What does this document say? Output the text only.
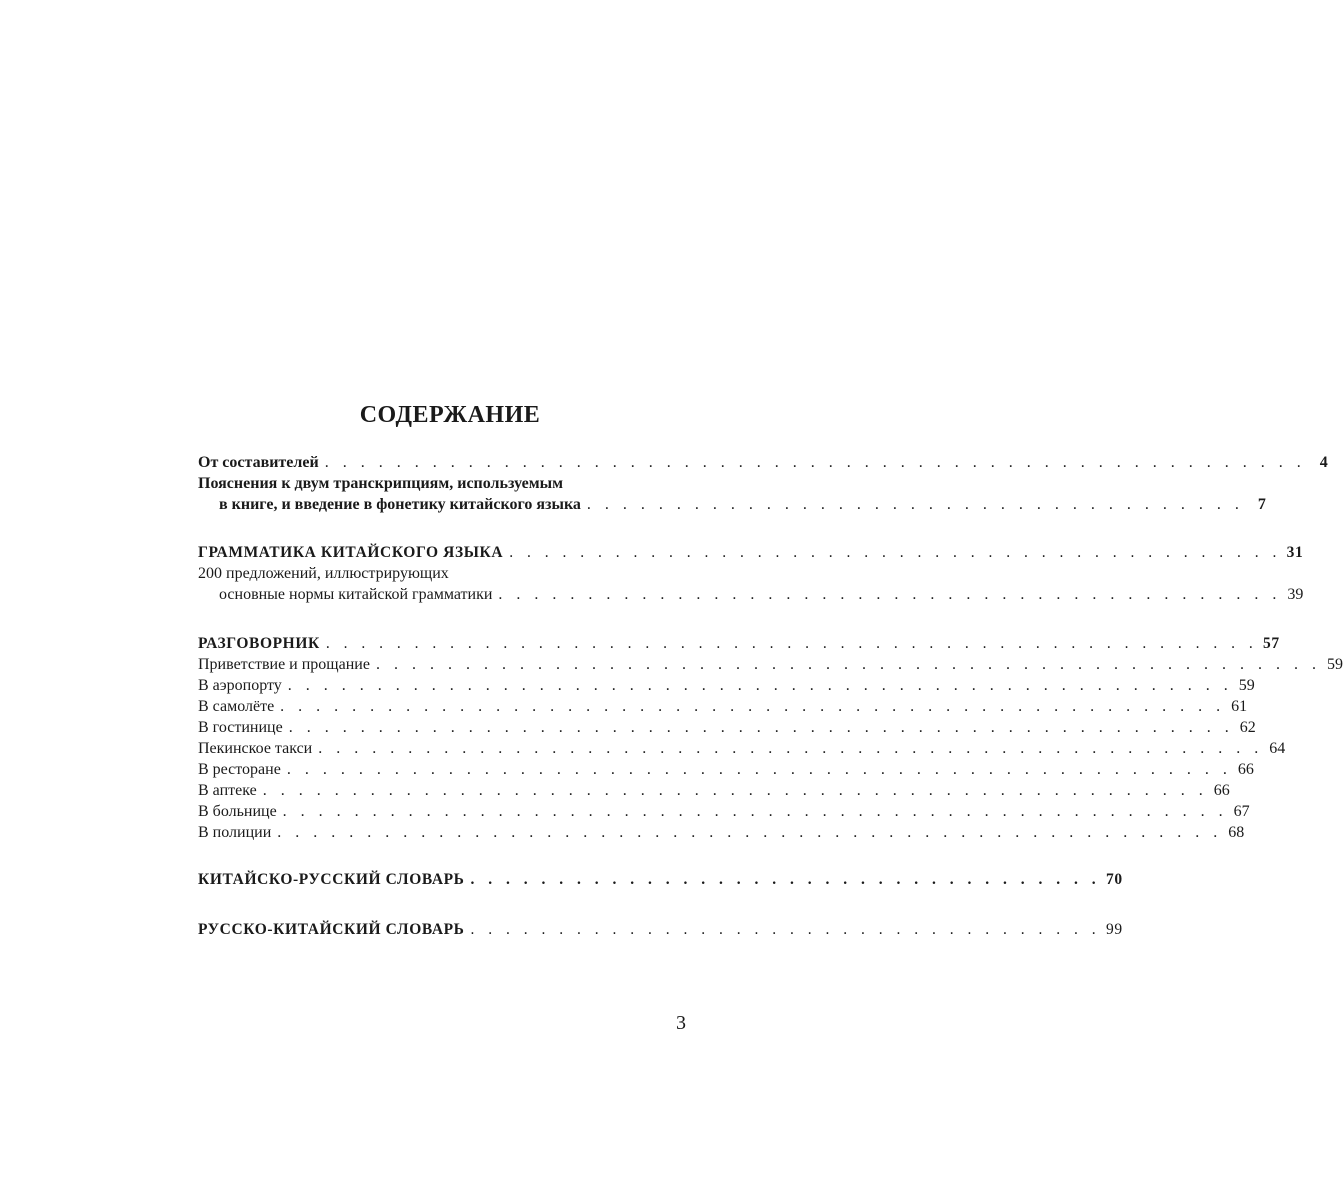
СОДЕРЖАНИЕ
От составителей . . . . . . . . . . . . . . . . . . . . . . . . . . . . . . . . . . . . . . . . . . . . . . . . . . . . . . . 4
Пояснения к двум транскрипциям, используемым
в книге, и введение в фонетику китайского языка . . . . . . . . . . . . . . . . . . . . . . . . . . . . . . . . . . . . . 7
ГРАММАТИКА КИТАЙСКОГО ЯЗЫКА . . . . . . . . . . . . . . . . . . . . . . . . . . . . . . . . . . . . . . . . . . . . 31
200 предложений, иллюстрирующих
основные нормы китайской грамматики . . . . . . . . . . . . . . . . . . . . . . . . . . . . . . . . . . . . . . . . . . . . 39
РАЗГОВОРНИК . . . . . . . . . . . . . . . . . . . . . . . . . . . . . . . . . . . . . . . . . . . . . . . . . . . . . 57
Приветствие и прощание . . . . . . . . . . . . . . . . . . . . . . . . . . . . . . . . . . . . . . . . . . . . . . . . . . . . . 59
В аэропорту . . . . . . . . . . . . . . . . . . . . . . . . . . . . . . . . . . . . . . . . . . . . . . . . . . . . . 59
В самолёте . . . . . . . . . . . . . . . . . . . . . . . . . . . . . . . . . . . . . . . . . . . . . . . . . . . . . 61
В гостинице . . . . . . . . . . . . . . . . . . . . . . . . . . . . . . . . . . . . . . . . . . . . . . . . . . . . . 62
Пекинское такси . . . . . . . . . . . . . . . . . . . . . . . . . . . . . . . . . . . . . . . . . . . . . . . . . . . . . 64
В ресторане . . . . . . . . . . . . . . . . . . . . . . . . . . . . . . . . . . . . . . . . . . . . . . . . . . . . . 66
В аптеке . . . . . . . . . . . . . . . . . . . . . . . . . . . . . . . . . . . . . . . . . . . . . . . . . . . . . 66
В больнице . . . . . . . . . . . . . . . . . . . . . . . . . . . . . . . . . . . . . . . . . . . . . . . . . . . . . 67
В полиции . . . . . . . . . . . . . . . . . . . . . . . . . . . . . . . . . . . . . . . . . . . . . . . . . . . . . 68
КИТАЙСКО-РУССКИЙ СЛОВАРЬ . . . . . . . . . . . . . . . . . . . . . . . . . . . . . . . . . . . . 70
РУССКО-КИТАЙСКИЙ СЛОВАРЬ . . . . . . . . . . . . . . . . . . . . . . . . . . . . . . . . . . . . 99
3
